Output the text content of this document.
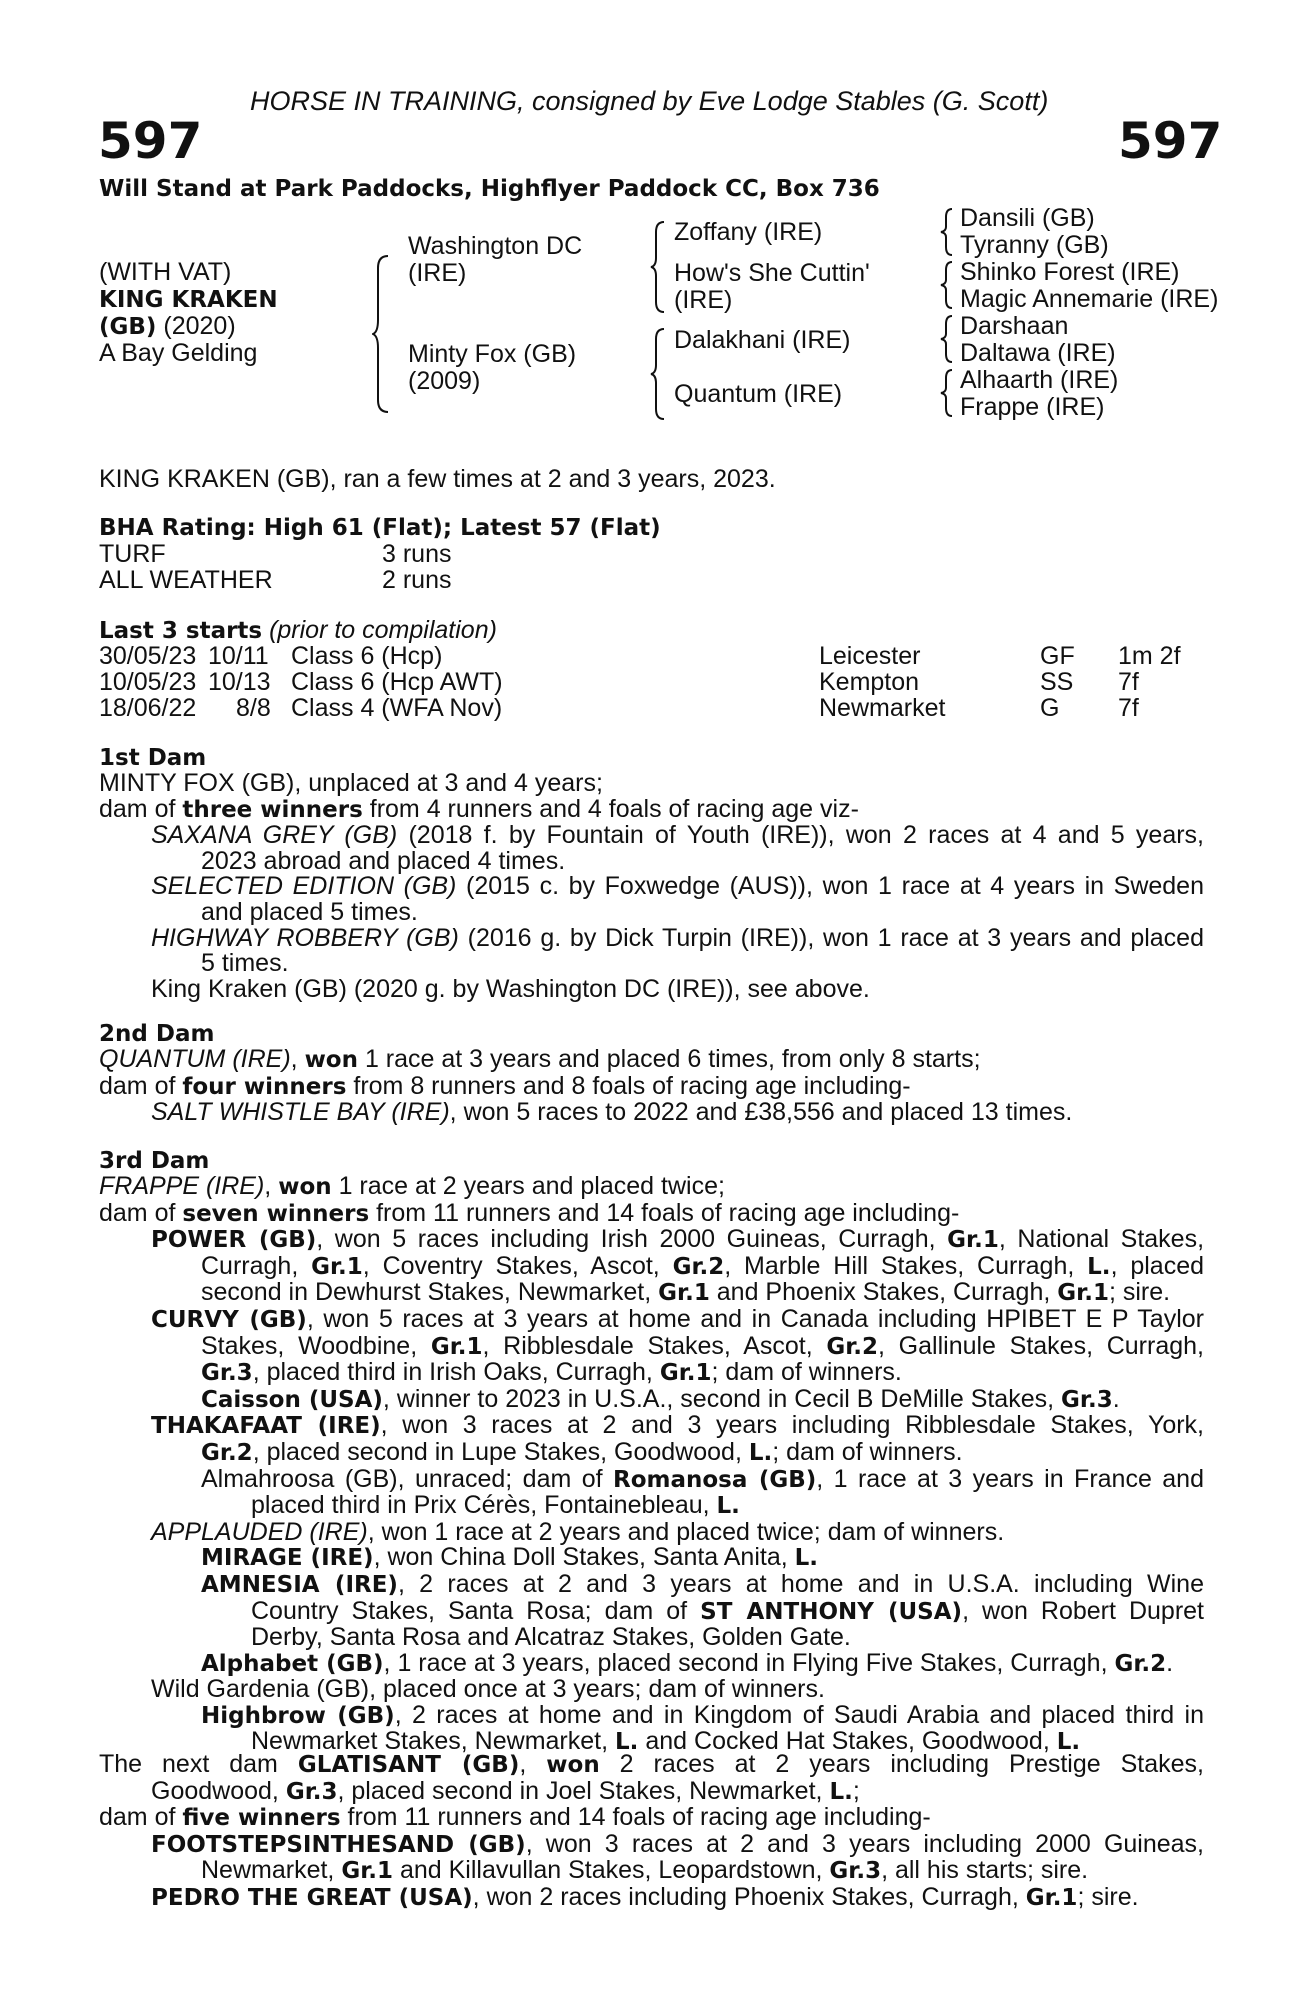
HORSE IN TRAINING, consigned by Eve Lodge Stables (G. Scott)
597	597
Will Stand at Park Paddocks, Highflyer Paddock CC, Box 736
(WITH VAT)
KING KRAKEN
(GB) (2020)
A Bay Gelding
Washington DC
(IRE)
Minty Fox (GB)
(2009)
Zoffany (IRE)
How's She Cuttin'
(IRE)
Dalakhani (IRE)
Quantum (IRE)
Dansili (GB)
Tyranny (GB)
Shinko Forest (IRE)
Magic Annemarie (IRE)
Darshaan
Daltawa (IRE)
Alhaarth (IRE)
Frappe (IRE)
KING KRAKEN (GB), ran a few times at 2 and 3 years, 2023.
BHA Rating: High 61 (Flat); Latest 57 (Flat)
TURF	3 runs
ALL WEATHER	2 runs
Last 3 starts (prior to compilation)
30/05/23 10/11 Class 6 (Hcp)	Leicester	GF 1m 2f
10/05/23 10/13 Class 6 (Hcp AWT)	Kempton	SS 7f
18/06/22 8/8 Class 4 (WFA Nov)	Newmarket	G 7f
1st Dam
MINTY FOX (GB), unplaced at 3 and 4 years;
dam of three winners from 4 runners and 4 foals of racing age viz-
SAXANA GREY (GB) (2018 f. by Fountain of Youth (IRE)), won 2 races at 4 and 5 years,
2023 abroad and placed 4 times.
SELECTED EDITION (GB) (2015 c. by Foxwedge (AUS)), won 1 race at 4 years in Sweden
and placed 5 times.
HIGHWAY ROBBERY (GB) (2016 g. by Dick Turpin (IRE)), won 1 race at 3 years and placed
5 times.
King Kraken (GB) (2020 g. by Washington DC (IRE)), see above.
2nd Dam
QUANTUM (IRE), won 1 race at 3 years and placed 6 times, from only 8 starts;
dam of four winners from 8 runners and 8 foals of racing age including-
SALT WHISTLE BAY (IRE), won 5 races to 2022 and £38,556 and placed 13 times.
3rd Dam
FRAPPE (IRE), won 1 race at 2 years and placed twice;
dam of seven winners from 11 runners and 14 foals of racing age including-
POWER (GB), won 5 races including Irish 2000 Guineas, Curragh, Gr.1, National Stakes,
Curragh, Gr.1, Coventry Stakes, Ascot, Gr.2, Marble Hill Stakes, Curragh, L., placed
second in Dewhurst Stakes, Newmarket, Gr.1 and Phoenix Stakes, Curragh, Gr.1; sire.
CURVY (GB), won 5 races at 3 years at home and in Canada including HPIBET E P Taylor
Stakes, Woodbine, Gr.1, Ribblesdale Stakes, Ascot, Gr.2, Gallinule Stakes, Curragh,
Gr.3, placed third in Irish Oaks, Curragh, Gr.1; dam of winners.
Caisson (USA), winner to 2023 in U.S.A., second in Cecil B DeMille Stakes, Gr.3.
THAKAFAAT (IRE), won 3 races at 2 and 3 years including Ribblesdale Stakes, York,
Gr.2, placed second in Lupe Stakes, Goodwood, L.; dam of winners.
Almahroosa (GB), unraced; dam of Romanosa (GB), 1 race at 3 years in France and
placed third in Prix Cérès, Fontainebleau, L.
APPLAUDED (IRE), won 1 race at 2 years and placed twice; dam of winners.
MIRAGE (IRE), won China Doll Stakes, Santa Anita, L.
AMNESIA (IRE), 2 races at 2 and 3 years at home and in U.S.A. including Wine
Country Stakes, Santa Rosa; dam of ST ANTHONY (USA), won Robert Dupret
Derby, Santa Rosa and Alcatraz Stakes, Golden Gate.
Alphabet (GB), 1 race at 3 years, placed second in Flying Five Stakes, Curragh, Gr.2.
Wild Gardenia (GB), placed once at 3 years; dam of winners.
Highbrow (GB), 2 races at home and in Kingdom of Saudi Arabia and placed third in
Newmarket Stakes, Newmarket, L. and Cocked Hat Stakes, Goodwood, L.
The next dam GLATISANT (GB), won 2 races at 2 years including Prestige Stakes,
Goodwood, Gr.3, placed second in Joel Stakes, Newmarket, L.;
dam of five winners from 11 runners and 14 foals of racing age including-
FOOTSTEPSINTHESAND (GB), won 3 races at 2 and 3 years including 2000 Guineas,
Newmarket, Gr.1 and Killavullan Stakes, Leopardstown, Gr.3, all his starts; sire.
PEDRO THE GREAT (USA), won 2 races including Phoenix Stakes, Curragh, Gr.1; sire.
